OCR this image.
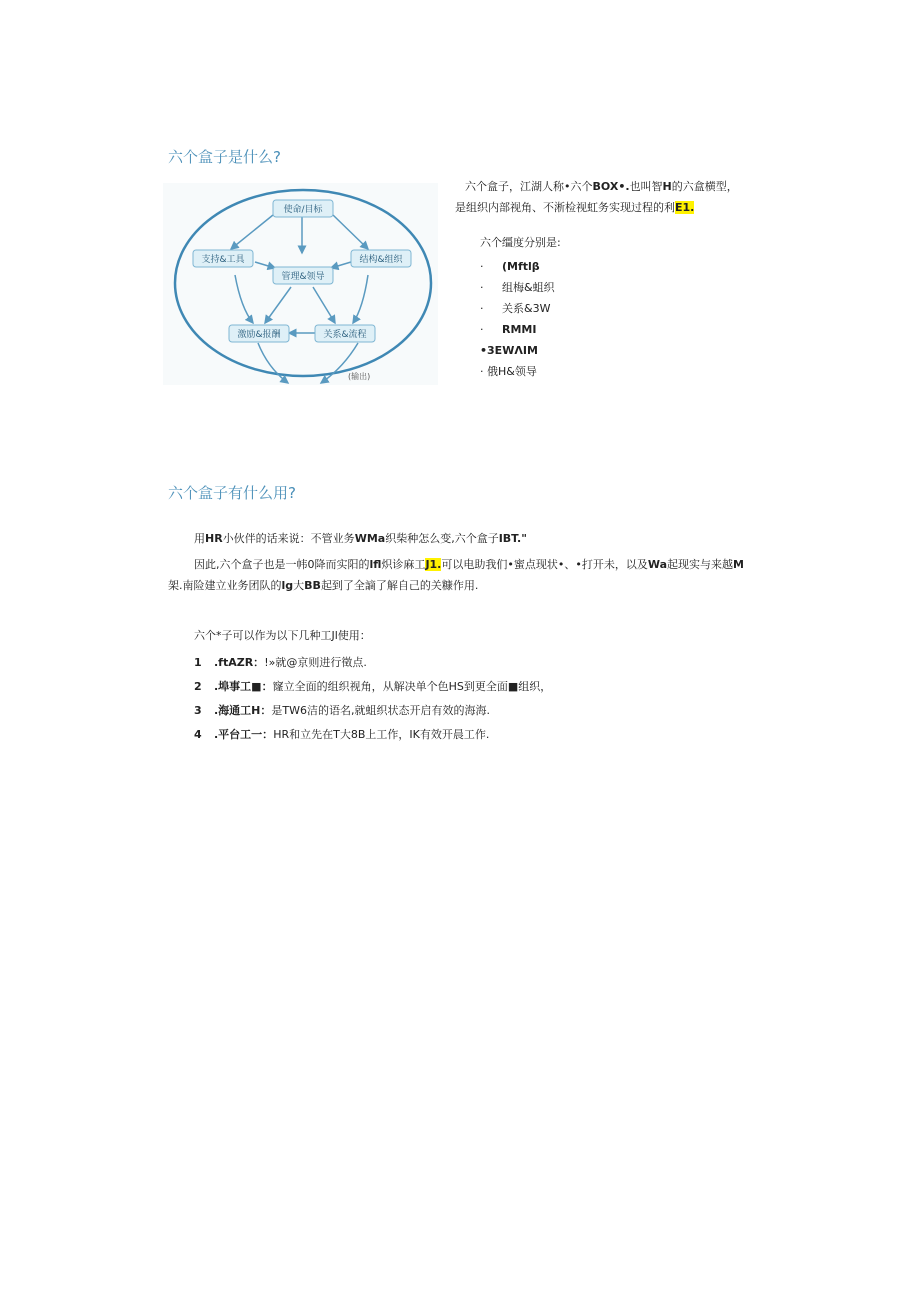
六个盒子是什么?
使命/目标
支持&工具	结构&组织
管理&领导
激励&报酬	关系&流程
(输出)

六个盒子，江湖人称•六个BOX•.也叫智H的六盒横型，

是组织内部视角、不淅检视虹务实现过程的利E1.

六个缰度分别是:

· (Mftlβ
· 组梅&蛆织
· 关系&3W
· RMMI
•3EWΛIM
· 俄H&领导
六个盒子有什么用?

用HR小伙伴的话来说：不管业务WMa织柴种怎么变,六个盒子IBT."

因此,六个盒子也是一帏0降而实阳的lfl炽诊麻工J1.可以电助我们•蜜点现状•、•打开未，以及Wa起现实与来越M架.南险建立业务团队的lg大BB起到了全謫了解自己的关糠作用.

六个*子可以作为以下几种工Jl使用：

1 .ftAZR：!»就@京则进行徵点.
2 .埠事工■：窿立全面的组织视角，从解决单个色HS到更全面■组织，
3 .海通工H：是TW6洁的语名,就蛆织状态开启有效的海海.
4 .平台工一：HR和立先在T大8B上工作，IK有效开晨工作.
